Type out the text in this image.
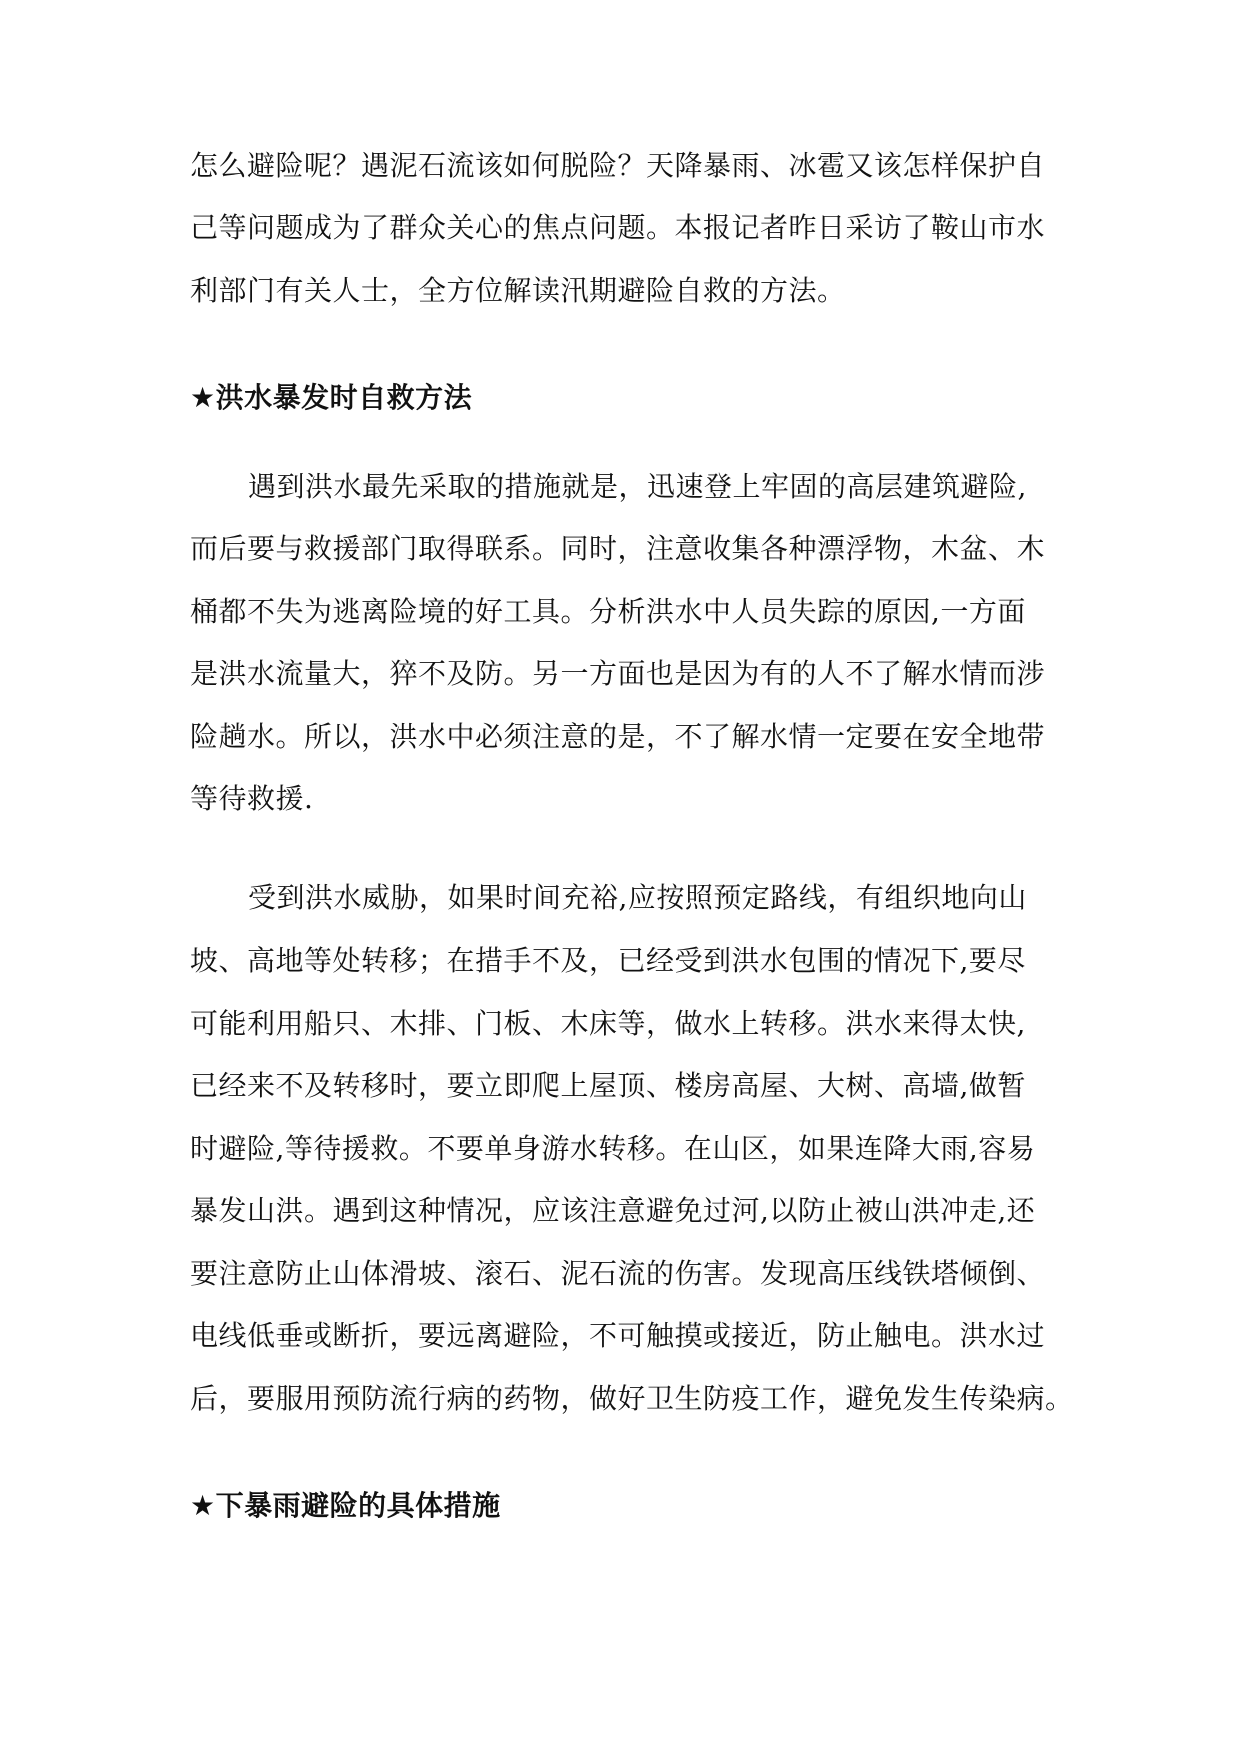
怎么避险呢？遇泥石流该如何脱险？天降暴雨、冰雹又该怎样保护自
己等问题成为了群众关心的焦点问题。本报记者昨日采访了鞍山市水
利部门有关人士，全方位解读汛期避险自救的方法。
★洪水暴发时自救方法
遇到洪水最先采取的措施就是，迅速登上牢固的高层建筑避险,
而后要与救援部门取得联系。同时，注意收集各种漂浮物，木盆、木
桶都不失为逃离险境的好工具。分析洪水中人员失踪的原因,一方面
是洪水流量大，猝不及防。另一方面也是因为有的人不了解水情而涉
险趟水。所以，洪水中必须注意的是，不了解水情一定要在安全地带
等待救援.
受到洪水威胁，如果时间充裕,应按照预定路线，有组织地向山
坡、高地等处转移；在措手不及，已经受到洪水包围的情况下,要尽
可能利用船只、木排、门板、木床等，做水上转移。洪水来得太快,
已经来不及转移时，要立即爬上屋顶、楼房高屋、大树、高墙,做暂
时避险,等待援救。不要单身游水转移。在山区，如果连降大雨,容易
暴发山洪。遇到这种情况，应该注意避免过河,以防止被山洪冲走,还
要注意防止山体滑坡、滚石、泥石流的伤害。发现高压线铁塔倾倒、
电线低垂或断折，要远离避险，不可触摸或接近，防止触电。洪水过
后，要服用预防流行病的药物，做好卫生防疫工作，避免发生传染病。
★下暴雨避险的具体措施
